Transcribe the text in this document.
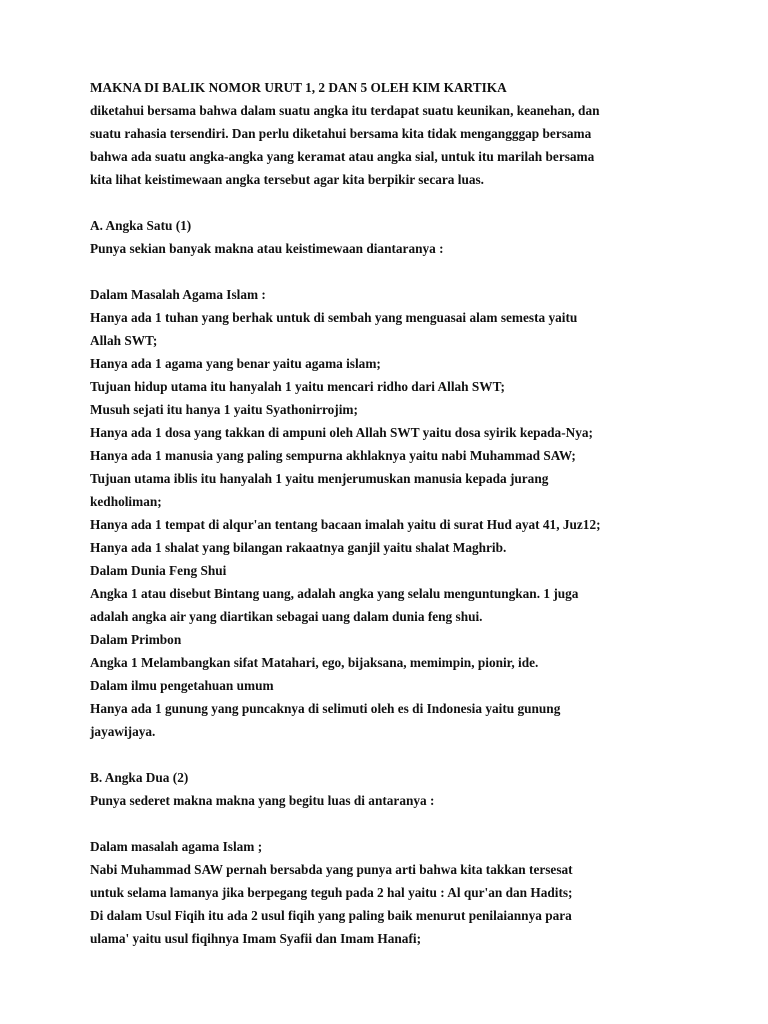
MAKNA DI BALIK NOMOR URUT 1, 2 DAN 5 OLEH KIM KARTIKA
diketahui bersama bahwa dalam suatu angka itu terdapat suatu keunikan, keanehan, dan
suatu rahasia tersendiri. Dan perlu diketahui bersama kita tidak mengangggap bersama
bahwa ada suatu angka-angka yang keramat atau angka sial, untuk itu marilah bersama
kita lihat keistimewaan angka tersebut agar kita berpikir secara luas.
A. Angka Satu (1)
Punya sekian banyak makna atau keistimewaan diantaranya :
Dalam Masalah Agama Islam :
Hanya ada 1 tuhan yang berhak untuk di sembah yang menguasai alam semesta yaitu
Allah SWT;
Hanya ada 1 agama yang benar yaitu agama islam;
Tujuan hidup utama itu hanyalah 1 yaitu mencari ridho dari Allah SWT;
Musuh sejati itu hanya 1 yaitu Syathonirrojim;
Hanya ada 1 dosa yang takkan di ampuni oleh Allah SWT yaitu dosa syirik kepada-Nya;
Hanya ada 1 manusia yang paling sempurna akhlaknya yaitu nabi Muhammad SAW;
Tujuan utama iblis itu hanyalah 1 yaitu menjerumuskan manusia kepada jurang
kedholiman;
Hanya ada 1 tempat di alqur'an tentang bacaan imalah yaitu di surat Hud ayat 41, Juz12;
Hanya ada 1 shalat yang bilangan rakaatnya ganjil yaitu shalat Maghrib.
Dalam Dunia Feng Shui
Angka 1 atau disebut Bintang uang, adalah angka yang selalu menguntungkan. 1 juga
adalah angka air yang diartikan sebagai uang dalam dunia feng shui.
Dalam Primbon
Angka 1 Melambangkan sifat Matahari, ego, bijaksana, memimpin, pionir, ide.
Dalam ilmu pengetahuan umum
Hanya ada 1 gunung yang puncaknya di selimuti oleh es di Indonesia yaitu gunung
jayawijaya.
B. Angka Dua (2)
Punya sederet makna makna yang begitu luas di antaranya :
Dalam masalah agama Islam ;
Nabi Muhammad SAW pernah bersabda yang punya arti bahwa kita takkan tersesat
untuk selama lamanya jika berpegang teguh pada 2 hal yaitu : Al qur'an dan Hadits;
Di dalam Usul Fiqih itu ada 2 usul fiqih yang paling baik menurut penilaiannya para
ulama' yaitu usul fiqihnya Imam Syafii dan Imam Hanafi;
